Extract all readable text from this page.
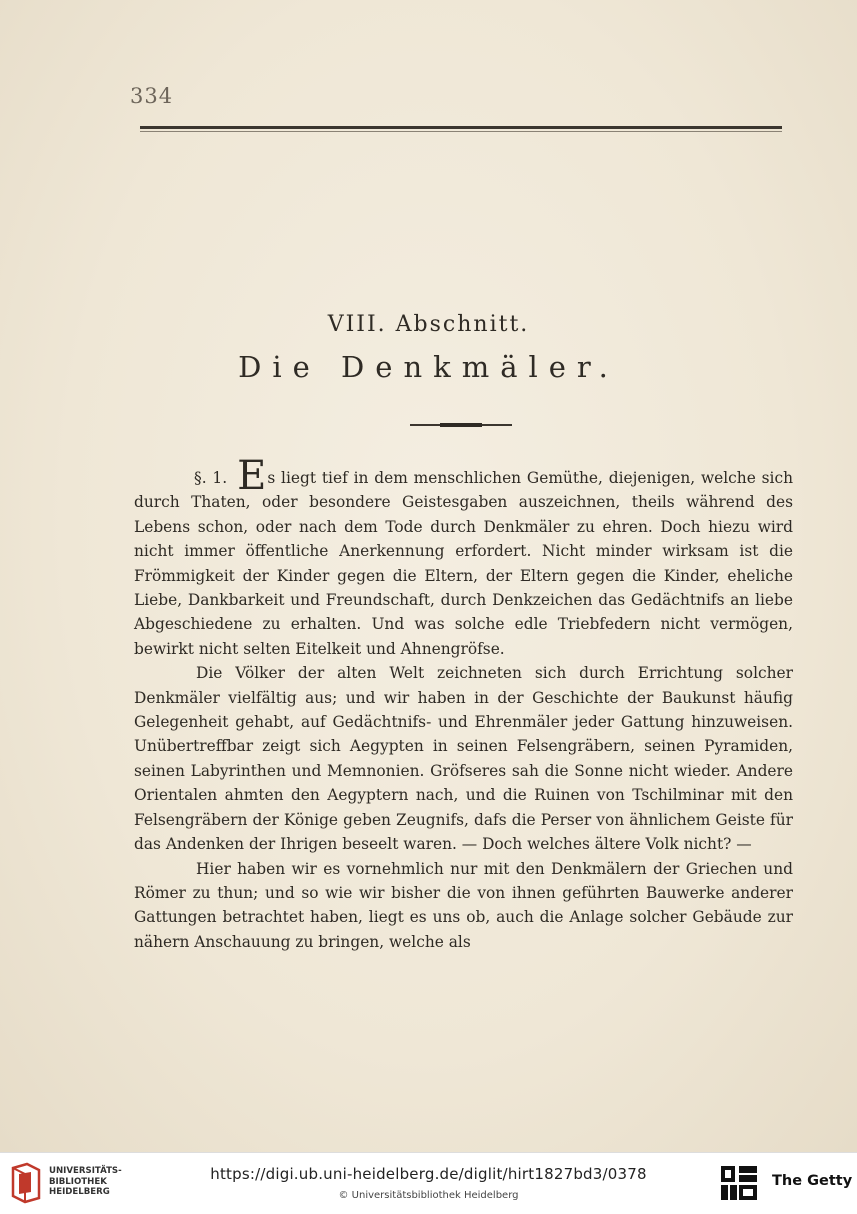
334
VIII. Abschnitt.
Die Denkmäler.

§. 1. Es liegt tief in dem menschlichen Gemüthe, diejenigen, welche sich durch Thaten, oder besondere Geistesgaben auszeichnen, theils während des Lebens schon, oder nach dem Tode durch Denkmäler zu ehren. Doch hiezu wird nicht immer öffentliche Anerkennung erfordert. Nicht minder wirksam ist die Frömmigkeit der Kinder gegen die Eltern, der Eltern gegen die Kinder, eheliche Liebe, Dankbarkeit und Freundschaft, durch Denkzeichen das Gedächtnifs an liebe Abgeschiedene zu erhalten. Und was solche edle Triebfedern nicht vermögen, bewirkt nicht selten Eitelkeit und Ahnengröfse.

Die Völker der alten Welt zeichneten sich durch Errichtung solcher Denkmäler vielfältig aus; und wir haben in der Geschichte der Baukunst häufig Gelegenheit gehabt, auf Gedächtnifs- und Ehrenmäler jeder Gattung hinzuweisen. Unübertreffbar zeigt sich Aegypten in seinen Felsengräbern, seinen Pyramiden, seinen Labyrinthen und Memnonien. Gröfseres sah die Sonne nicht wieder. Andere Orientalen ahmten den Aegyptern nach, und die Ruinen von Tschilminar mit den Felsengräbern der Könige geben Zeugnifs, dafs die Perser von ähnlichem Geiste für das Andenken der Ihrigen beseelt waren. — Doch welches ältere Volk nicht? —

Hier haben wir es vornehmlich nur mit den Denkmälern der Griechen und Römer zu thun; und so wie wir bisher die von ihnen geführten Bauwerke anderer Gattungen betrachtet haben, liegt es uns ob, auch die Anlage solcher Gebäude zur nähern Anschauung zu bringen, welche als

UNIVERSITÄTS-
BIBLIOTHEK
HEIDELBERG
https://digi.ub.uni-heidelberg.de/diglit/hirt1827bd3/0378
© Universitätsbibliothek Heidelberg
The Getty
